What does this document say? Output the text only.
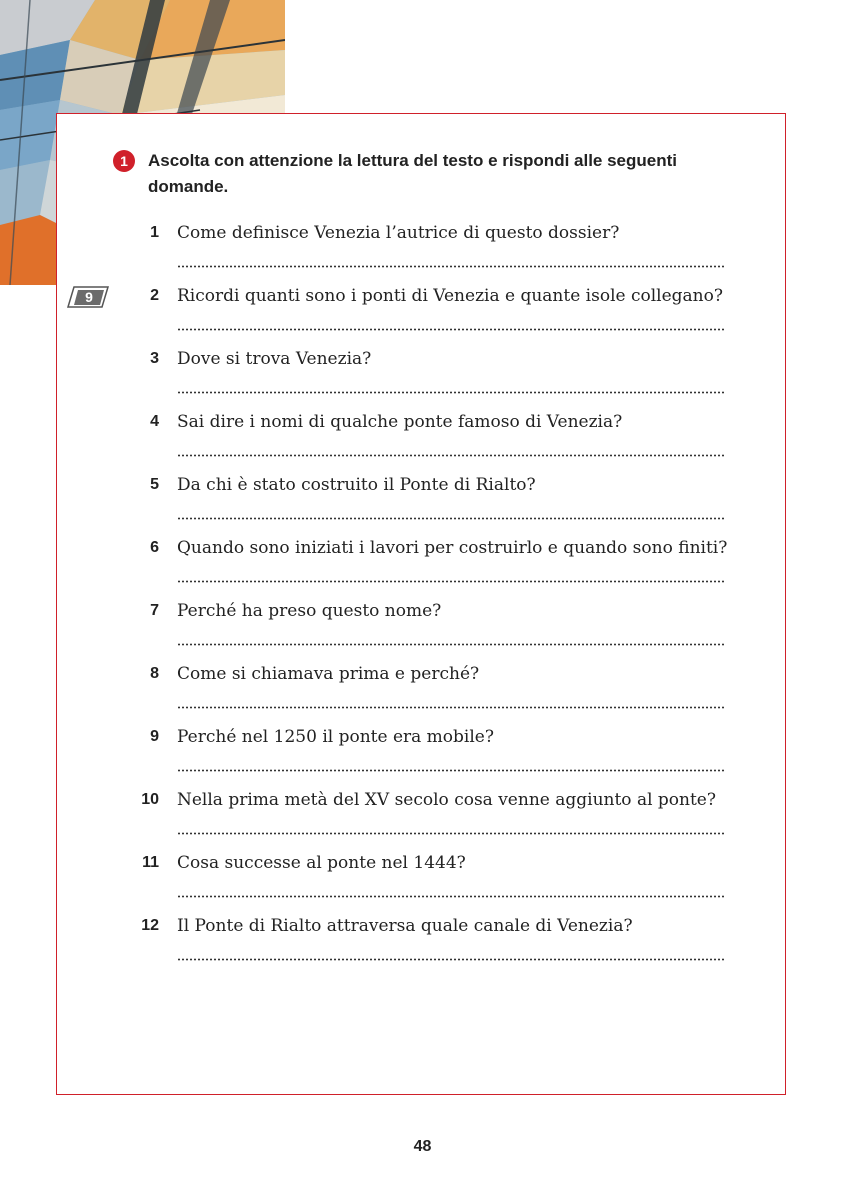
9
1	Ascolta con attenzione la lettura del testo e rispondi alle seguenti domande.
1 Come definisce Venezia l’autrice di questo dossier?
2 Ricordi quanti sono i ponti di Venezia e quante isole collegano?
3 Dove si trova Venezia?
4 Sai dire i nomi di qualche ponte famoso di Venezia?
5 Da chi è stato costruito il Ponte di Rialto?
6 Quando sono iniziati i lavori per costruirlo e quando sono finiti?
7 Perché ha preso questo nome?
8 Come si chiamava prima e perché?
9 Perché nel 1250 il ponte era mobile?
10 Nella prima metà del XV secolo cosa venne aggiunto al ponte?
11 Cosa successe al ponte nel 1444?
12 Il Ponte di Rialto attraversa quale canale di Venezia?
48
